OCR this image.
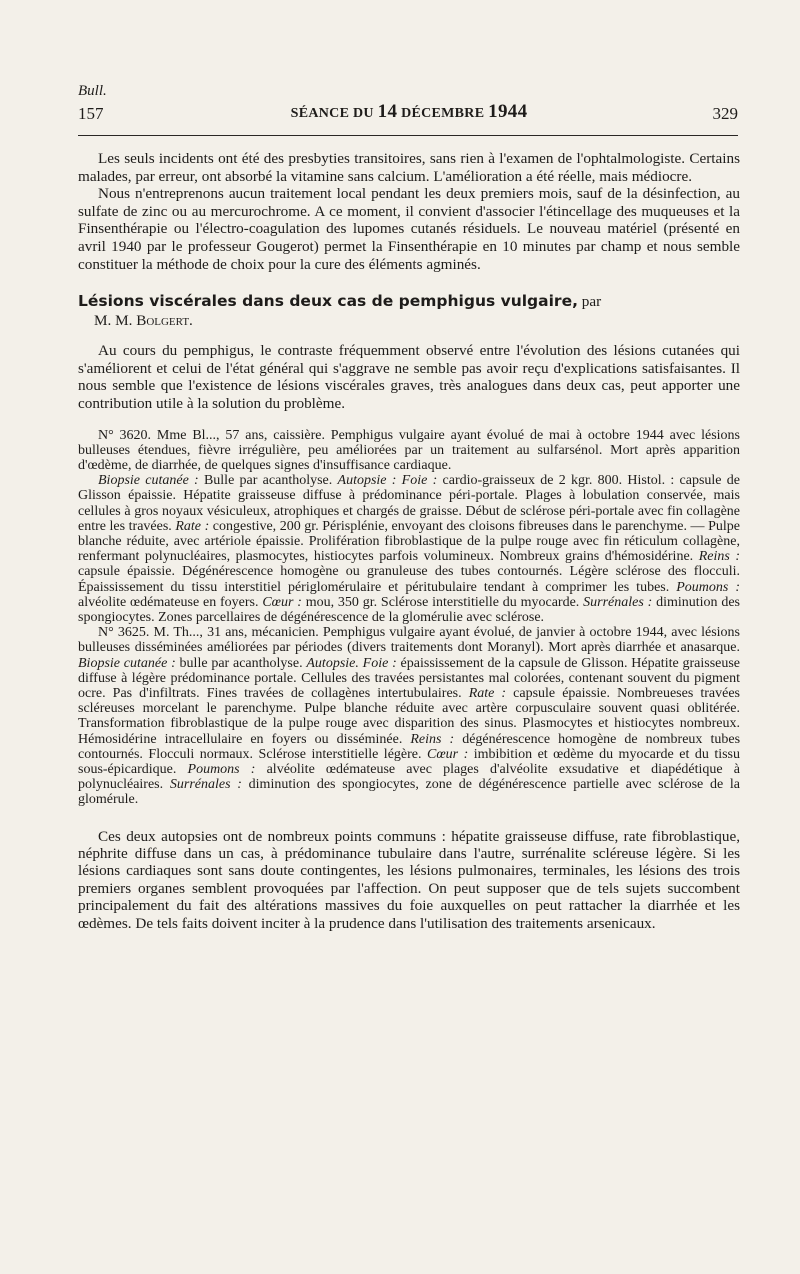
Bull.
157	SÉANCE DU 14 DÉCEMBRE 1944	329

Les seuls incidents ont été des presbyties transitoires, sans rien à l'examen de l'ophtalmologiste. Certains malades, par erreur, ont absorbé la vitamine sans calcium. L'amélioration a été réelle, mais médiocre.

Nous n'entreprenons aucun traitement local pendant les deux premiers mois, sauf de la désinfection, au sulfate de zinc ou au mercurochrome. A ce moment, il convient d'associer l'étincellage des muqueuses et la Finsenthérapie ou l'électro-coagulation des lupomes cutanés résiduels. Le nouveau matériel (présenté en avril 1940 par le professeur Gougerot) permet la Finsenthérapie en 10 minutes par champ et nous semble constituer la méthode de choix pour la cure des éléments agminés.

Lésions viscérales dans deux cas de pemphigus vulgaire, par
M. M. Bolgert.

Au cours du pemphigus, le contraste fréquemment observé entre l'évolution des lésions cutanées qui s'améliorent et celui de l'état général qui s'aggrave ne semble pas avoir reçu d'explications satisfaisantes. Il nous semble que l'existence de lésions viscérales graves, très analogues dans deux cas, peut apporter une contribution utile à la solution du problème.

N° 3620. Mme Bl..., 57 ans, caissière. Pemphigus vulgaire ayant évolué de mai à octobre 1944 avec lésions bulleuses étendues, fièvre irrégulière, peu améliorées par un traitement au sulfarsénol. Mort après apparition d'œdème, de diarrhée, de quelques signes d'insuffisance cardiaque.

Biopsie cutanée : Bulle par acantholyse. Autopsie : Foie : cardio-graisseux de 2 kgr. 800. Histol. : capsule de Glisson épaissie. Hépatite graisseuse diffuse à prédominance péri-portale. Plages à lobulation conservée, mais cellules à gros noyaux vésiculeux, atrophiques et chargés de graisse. Début de sclérose péri-portale avec fin collagène entre les travées. Rate : congestive, 200 gr. Périsplénie, envoyant des cloisons fibreuses dans le parenchyme. — Pulpe blanche réduite, avec artériole épaissie. Prolifération fibroblastique de la pulpe rouge avec fin réticulum collagène, renfermant polynucléaires, plasmocytes, histiocytes parfois volumineux. Nombreux grains d'hémosidérine. Reins : capsule épaissie. Dégénérescence homogène ou granuleuse des tubes contournés. Légère sclérose des flocculi. Épaississement du tissu interstitiel périglomérulaire et péritubulaire tendant à comprimer les tubes. Poumons : alvéolite œdémateuse en foyers. Cœur : mou, 350 gr. Sclérose interstitielle du myocarde. Surrénales : diminution des spongiocytes. Zones parcellaires de dégénérescence de la glomérulie avec sclérose.

N° 3625. M. Th..., 31 ans, mécanicien. Pemphigus vulgaire ayant évolué, de janvier à octobre 1944, avec lésions bulleuses disséminées améliorées par périodes (divers traitements dont Moranyl). Mort après diarrhée et anasarque. Biopsie cutanée : bulle par acantholyse. Autopsie. Foie : épaississement de la capsule de Glisson. Hépatite graisseuse diffuse à légère prédominance portale. Cellules des travées persistantes mal colorées, contenant souvent du pigment ocre. Pas d'infiltrats. Fines travées de collagènes intertubulaires. Rate : capsule épaissie. Nombreueses travées scléreuses morcelant le parenchyme. Pulpe blanche réduite avec artère corpusculaire souvent quasi oblitérée. Transformation fibroblastique de la pulpe rouge avec disparition des sinus. Plasmocytes et histiocytes nombreux. Hémosidérine intracellulaire en foyers ou disséminée. Reins : dégénérescence homogène de nombreux tubes contournés. Flocculi normaux. Sclérose interstitielle légère. Cœur : imbibition et œdème du myocarde et du tissu sous-épicardique. Poumons : alvéolite œdémateuse avec plages d'alvéolite exsudative et diapédétique à polynucléaires. Surrénales : diminution des spongiocytes, zone de dégénérescence partielle avec sclérose de la glomérule.

Ces deux autopsies ont de nombreux points communs : hépatite graisseuse diffuse, rate fibroblastique, néphrite diffuse dans un cas, à prédominance tubulaire dans l'autre, surrénalite scléreuse légère. Si les lésions cardiaques sont sans doute contingentes, les lésions pulmonaires, terminales, les lésions des trois premiers organes semblent provoquées par l'affection. On peut supposer que de tels sujets succombent principalement du fait des altérations massives du foie auxquelles on peut rattacher la diarrhée et les œdèmes. De tels faits doivent inciter à la prudence dans l'utilisation des traitements arsenicaux.
